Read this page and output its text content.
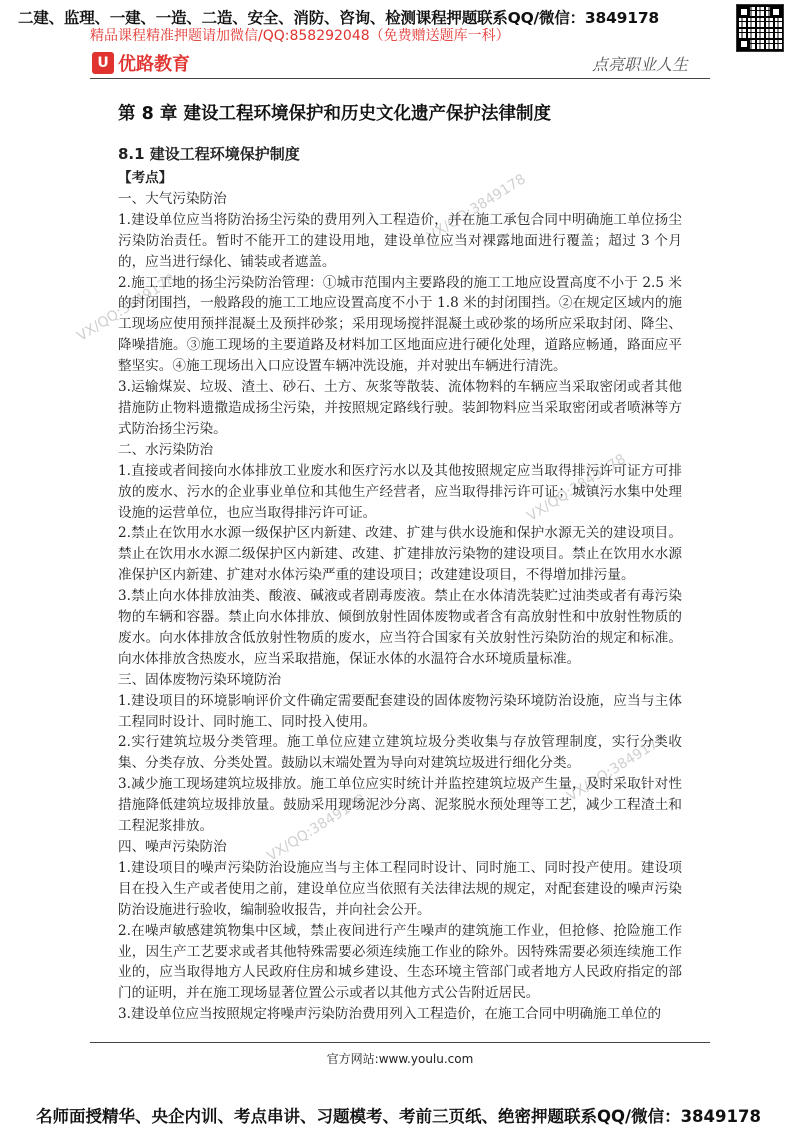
二建、监理、一建、一造、二造、安全、消防、咨询、检测课程押题联系QQ/微信：3849178
精品课程精准押题请加微信/QQ:858292048（免费赠送题库一科）
U 优路教育	点亮职业人生
VX/QQ:3849178
VX/QQ:3849178
VX/QQ:3849178
VX/QQ:3849178
VX/QQ:3849178
第 8 章 建设工程环境保护和历史文化遗产保护法律制度
8.1 建设工程环境保护制度
【考点】
一、大气污染防治
1.建设单位应当将防治扬尘污染的费用列入工程造价，并在施工承包合同中明确施工单位扬尘污染防治责任。暂时不能开工的建设用地，建设单位应当对裸露地面进行覆盖；超过 3 个月的，应当进行绿化、铺装或者遮盖。
2.施工工地的扬尘污染防治管理：①城市范围内主要路段的施工工地应设置高度不小于 2.5 米的封闭围挡，一般路段的施工工地应设置高度不小于 1.8 米的封闭围挡。②在规定区域内的施工现场应使用预拌混凝土及预拌砂浆；采用现场搅拌混凝土或砂浆的场所应采取封闭、降尘、降噪措施。③施工现场的主要道路及材料加工区地面应进行硬化处理，道路应畅通，路面应平整坚实。④施工现场出入口应设置车辆冲洗设施，并对驶出车辆进行清洗。
3.运输煤炭、垃圾、渣土、砂石、土方、灰浆等散装、流体物料的车辆应当采取密闭或者其他措施防止物料遗撒造成扬尘污染，并按照规定路线行驶。装卸物料应当采取密闭或者喷淋等方式防治扬尘污染。
二、水污染防治
1.直接或者间接向水体排放工业废水和医疗污水以及其他按照规定应当取得排污许可证方可排放的废水、污水的企业事业单位和其他生产经营者，应当取得排污许可证；城镇污水集中处理设施的运营单位，也应当取得排污许可证。
2.禁止在饮用水水源一级保护区内新建、改建、扩建与供水设施和保护水源无关的建设项目。禁止在饮用水水源二级保护区内新建、改建、扩建排放污染物的建设项目。禁止在饮用水水源准保护区内新建、扩建对水体污染严重的建设项目；改建建设项目，不得增加排污量。
3.禁止向水体排放油类、酸液、碱液或者剧毒废液。禁止在水体清洗装贮过油类或者有毒污染物的车辆和容器。禁止向水体排放、倾倒放射性固体废物或者含有高放射性和中放射性物质的废水。向水体排放含低放射性物质的废水，应当符合国家有关放射性污染防治的规定和标准。向水体排放含热废水，应当采取措施，保证水体的水温符合水环境质量标准。
三、固体废物污染环境防治
1.建设项目的环境影响评价文件确定需要配套建设的固体废物污染环境防治设施，应当与主体工程同时设计、同时施工、同时投入使用。
2.实行建筑垃圾分类管理。施工单位应建立建筑垃圾分类收集与存放管理制度，实行分类收集、分类存放、分类处置。鼓励以末端处置为导向对建筑垃圾进行细化分类。
3.减少施工现场建筑垃圾排放。施工单位应实时统计并监控建筑垃圾产生量，及时采取针对性措施降低建筑垃圾排放量。鼓励采用现场泥沙分离、泥浆脱水预处理等工艺，减少工程渣土和工程泥浆排放。
四、噪声污染防治
1.建设项目的噪声污染防治设施应当与主体工程同时设计、同时施工、同时投产使用。建设项目在投入生产或者使用之前，建设单位应当依照有关法律法规的规定，对配套建设的噪声污染防治设施进行验收，编制验收报告，并向社会公开。
2.在噪声敏感建筑物集中区域，禁止夜间进行产生噪声的建筑施工作业，但抢修、抢险施工作业，因生产工艺要求或者其他特殊需要必须连续施工作业的除外。因特殊需要必须连续施工作业的，应当取得地方人民政府住房和城乡建设、生态环境主管部门或者地方人民政府指定的部门的证明，并在施工现场显著位置公示或者以其他方式公告附近居民。
3.建设单位应当按照规定将噪声污染防治费用列入工程造价，在施工合同中明确施工单位的
官方网站:www.youlu.com
名师面授精华、央企内训、考点串讲、习题模考、考前三页纸、绝密押题联系QQ/微信：3849178
